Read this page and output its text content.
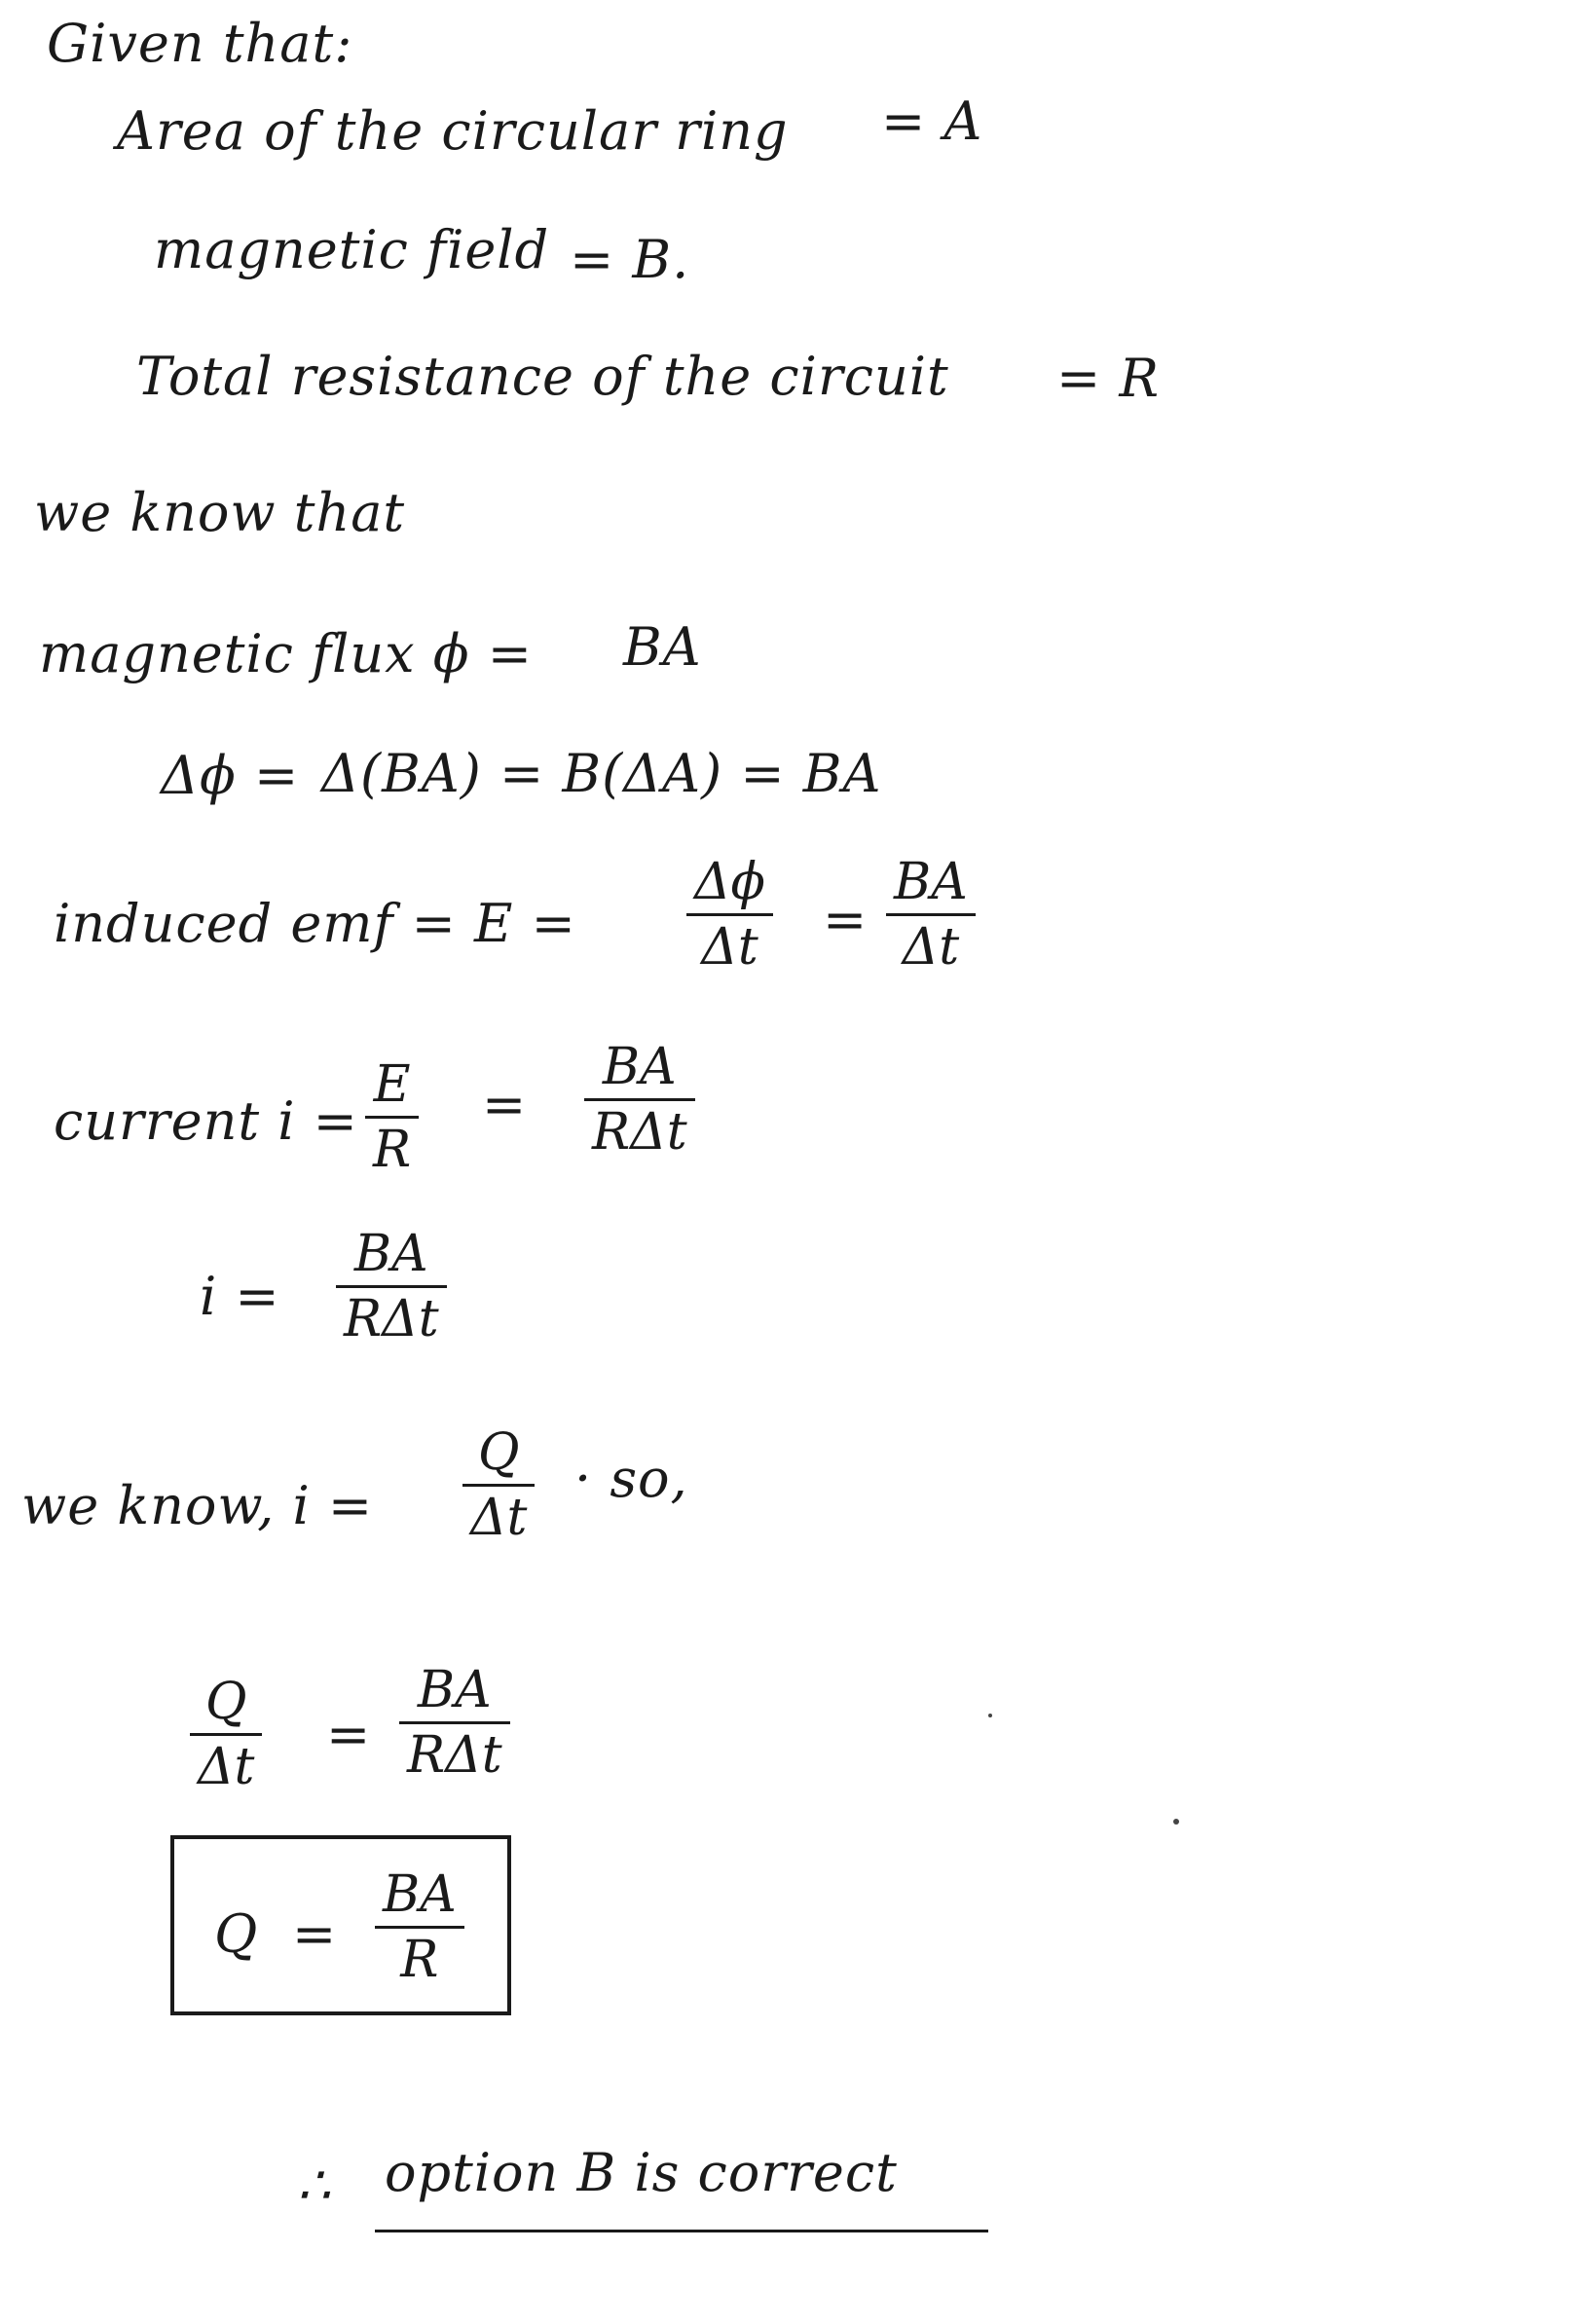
Given that:
Area of the circular ring = A
magnetic field = B.
Total resistance of the circuit = R
we know that
magnetic flux ϕ = BA
Δϕ = Δ(BA) = B(ΔA) = BA
induced emf = E =
Δϕ
Δt =
BA
Δt
current i =
E
R
=
BA
RΔt
i =
BA
RΔt
we know, i =
Q
Δt
· so,
Q
Δt
=
BA
RΔt
Q =
BA
R
∴ option B is correct
